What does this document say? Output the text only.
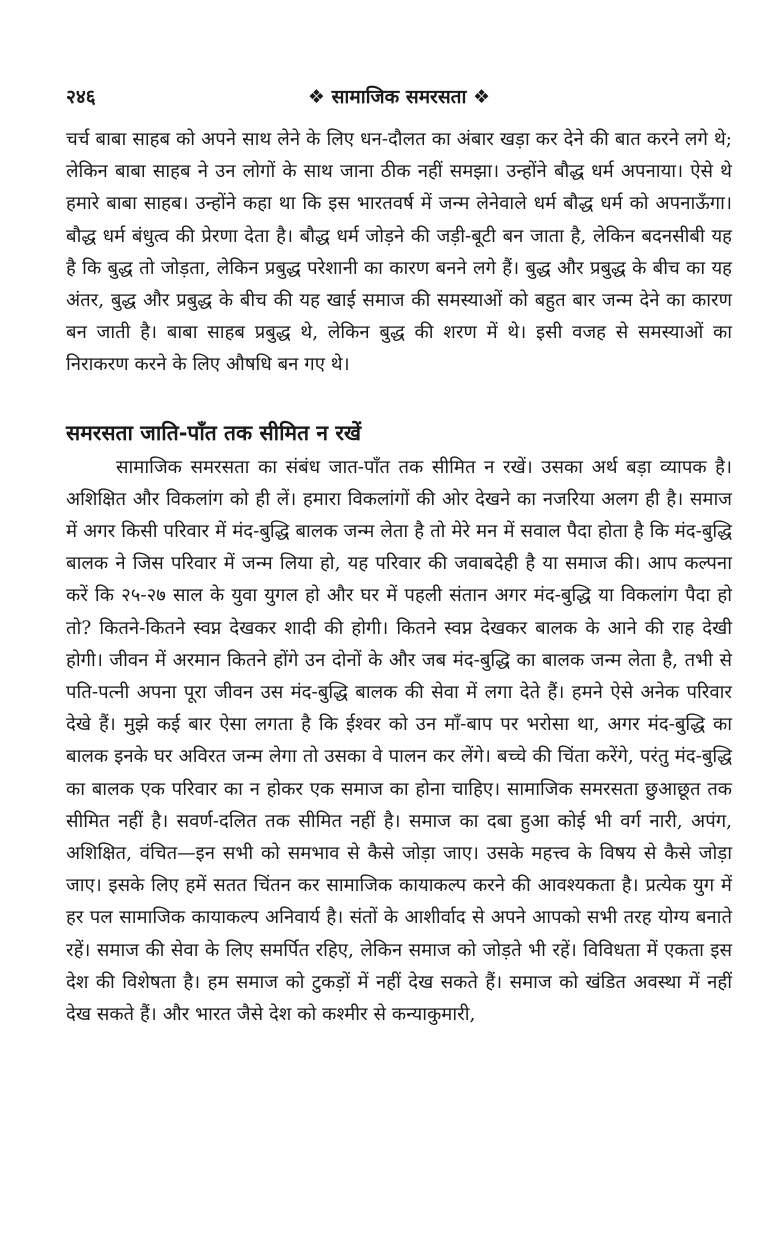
२४६	❖ सामाजिक समरसता ❖

चर्च बाबा साहब को अपने साथ लेने के लिए धन-दौलत का अंबार खड़ा कर देने की बात करने लगे थे; लेकिन बाबा साहब ने उन लोगों के साथ जाना ठीक नहीं समझा। उन्होंने बौद्ध धर्म अपनाया। ऐसे थे हमारे बाबा साहब। उन्होंने कहा था कि इस भारतवर्ष में जन्म लेनेवाले धर्म बौद्ध धर्म को अपनाऊँगा। बौद्ध धर्म बंधुत्व की प्रेरणा देता है। बौद्ध धर्म जोड़ने की जड़ी-बूटी बन जाता है, लेकिन बदनसीबी यह है कि बुद्ध तो जोड़ता, लेकिन प्रबुद्ध परेशानी का कारण बनने लगे हैं। बुद्ध और प्रबुद्ध के बीच का यह अंतर, बुद्ध और प्रबुद्ध के बीच की यह खाई समाज की समस्याओं को बहुत बार जन्म देने का कारण बन जाती है। बाबा साहब प्रबुद्ध थे, लेकिन बुद्ध की शरण में थे। इसी वजह से समस्याओं का निराकरण करने के लिए औषधि बन गए थे।

समरसता जाति-पाँत तक सीमित न रखें

सामाजिक समरसता का संबंध जात-पाँत तक सीमित न रखें। उसका अर्थ बड़ा व्यापक है। अशिक्षित और विकलांग को ही लें। हमारा विकलांगों की ओर देखने का नजरिया अलग ही है। समाज में अगर किसी परिवार में मंद-बुद्धि बालक जन्म लेता है तो मेरे मन में सवाल पैदा होता है कि मंद-बुद्धि बालक ने जिस परिवार में जन्म लिया हो, यह परिवार की जवाबदेही है या समाज की। आप कल्पना करें कि २५-२७ साल के युवा युगल हो और घर में पहली संतान अगर मंद-बुद्धि या विकलांग पैदा हो तो? कितने-कितने स्वप्न देखकर शादी की होगी। कितने स्वप्न देखकर बालक के आने की राह देखी होगी। जीवन में अरमान कितने होंगे उन दोनों के और जब मंद-बुद्धि का बालक जन्म लेता है, तभी से पति-पत्नी अपना पूरा जीवन उस मंद-बुद्धि बालक की सेवा में लगा देते हैं। हमने ऐसे अनेक परिवार देखे हैं। मुझे कई बार ऐसा लगता है कि ईश्वर को उन माँ-बाप पर भरोसा था, अगर मंद-बुद्धि का बालक इनके घर अविरत जन्म लेगा तो उसका वे पालन कर लेंगे। बच्चे की चिंता करेंगे, परंतु मंद-बुद्धि का बालक एक परिवार का न होकर एक समाज का होना चाहिए। सामाजिक समरसता छुआछूत तक सीमित नहीं है। सवर्ण-दलित तक सीमित नहीं है। समाज का दबा हुआ कोई भी वर्ग नारी, अपंग, अशिक्षित, वंचित—इन सभी को समभाव से कैसे जोड़ा जाए। उसके महत्त्व के विषय से कैसे जोड़ा जाए। इसके लिए हमें सतत चिंतन कर सामाजिक कायाकल्प करने की आवश्यकता है। प्रत्येक युग में हर पल सामाजिक कायाकल्प अनिवार्य है। संतों के आशीर्वाद से अपने आपको सभी तरह योग्य बनाते रहें। समाज की सेवा के लिए समर्पित रहिए, लेकिन समाज को जोड़ते भी रहें। विविधता में एकता इस देश की विशेषता है। हम समाज को टुकड़ों में नहीं देख सकते हैं। समाज को खंडित अवस्था में नहीं देख सकते हैं। और भारत जैसे देश को कश्मीर से कन्याकुमारी,
